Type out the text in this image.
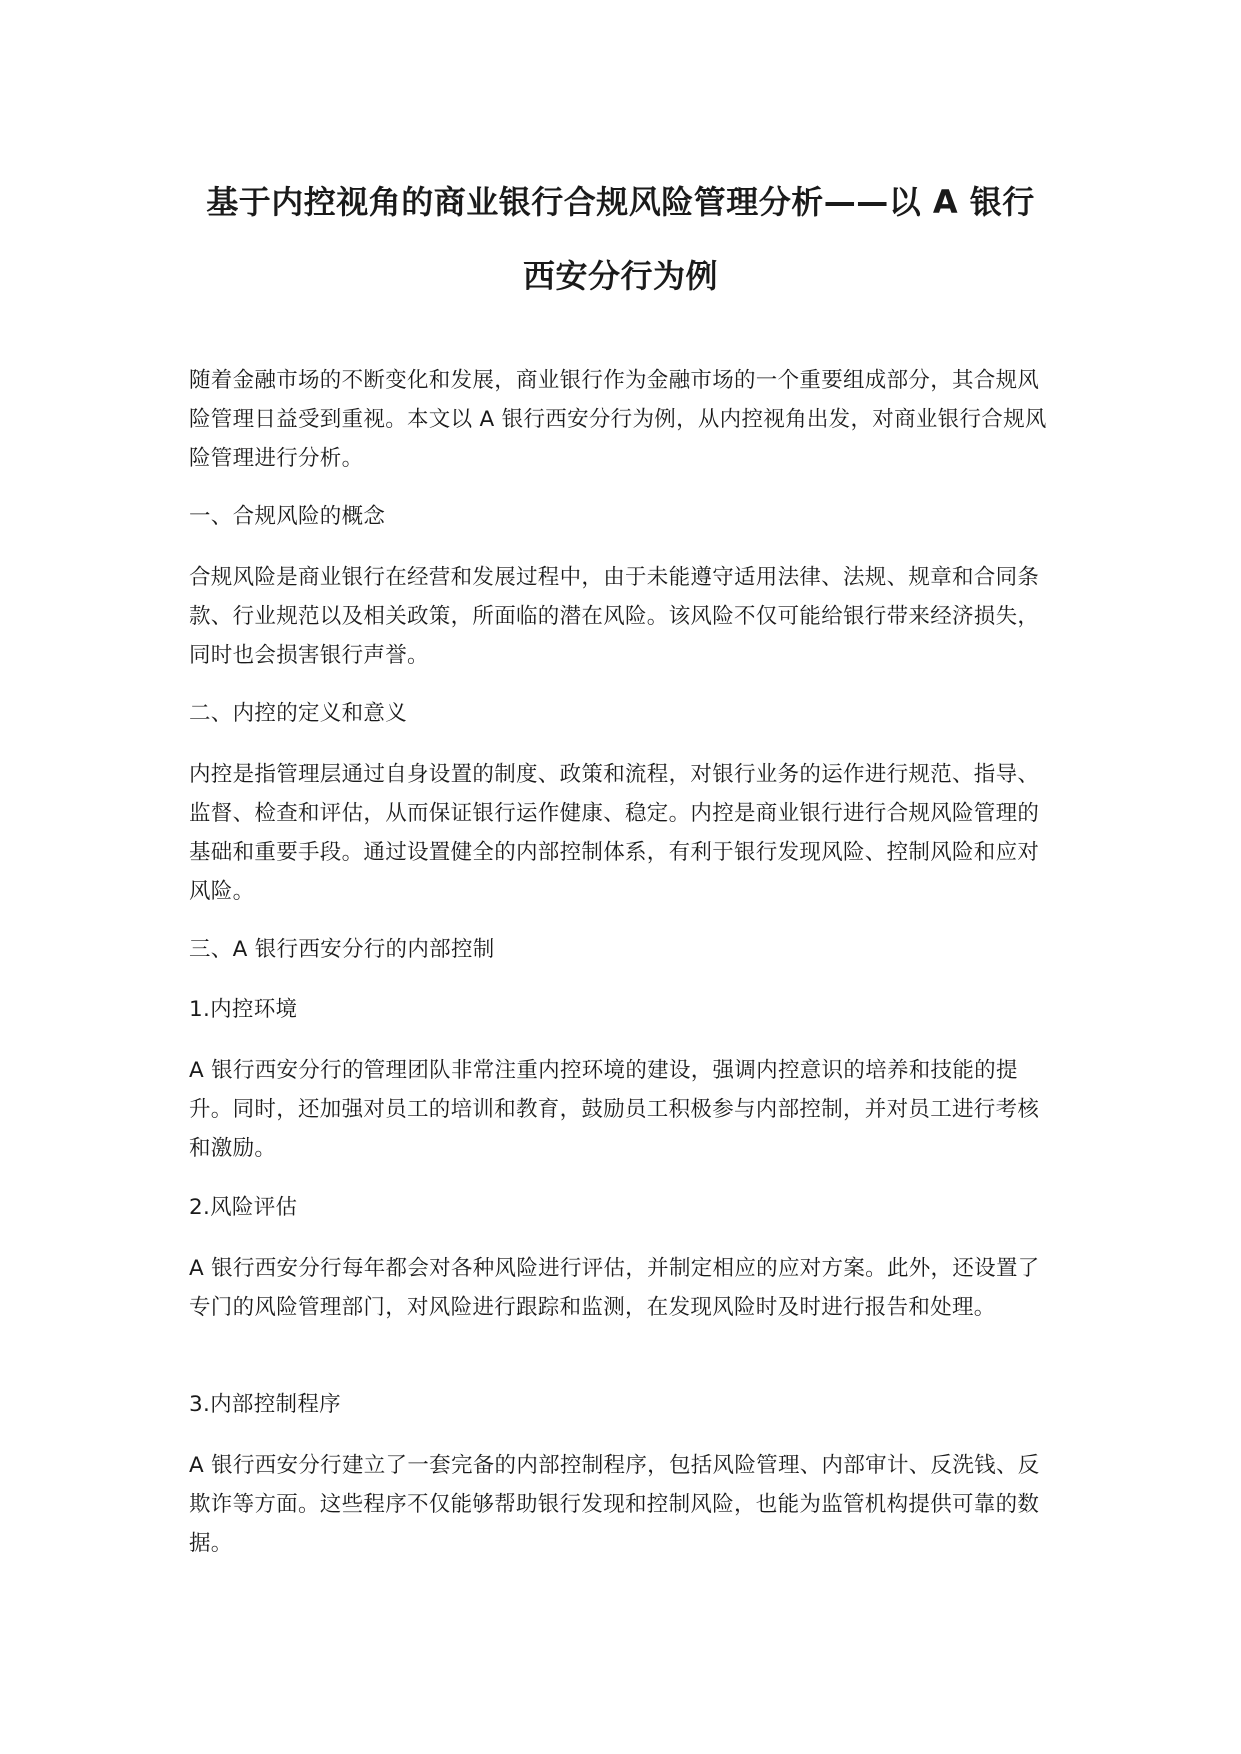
基于内控视角的商业银行合规风险管理分析——以 A 银行
西安分行为例

随着金融市场的不断变化和发展，商业银行作为金融市场的一个重要组成部分，其合规风险管理日益受到重视。本文以 A 银行西安分行为例，从内控视角出发，对商业银行合规风险管理进行分析。

一、合规风险的概念

合规风险是商业银行在经营和发展过程中，由于未能遵守适用法律、法规、规章和合同条款、行业规范以及相关政策，所面临的潜在风险。该风险不仅可能给银行带来经济损失，同时也会损害银行声誉。

二、内控的定义和意义

内控是指管理层通过自身设置的制度、政策和流程，对银行业务的运作进行规范、指导、监督、检查和评估，从而保证银行运作健康、稳定。内控是商业银行进行合规风险管理的基础和重要手段。通过设置健全的内部控制体系，有利于银行发现风险、控制风险和应对风险。

三、A 银行西安分行的内部控制

1.内控环境

A 银行西安分行的管理团队非常注重内控环境的建设，强调内控意识的培养和技能的提升。同时，还加强对员工的培训和教育，鼓励员工积极参与内部控制，并对员工进行考核和激励。

2.风险评估

A 银行西安分行每年都会对各种风险进行评估，并制定相应的应对方案。此外，还设置了专门的风险管理部门，对风险进行跟踪和监测，在发现风险时及时进行报告和处理。

3.内部控制程序

A 银行西安分行建立了一套完备的内部控制程序，包括风险管理、内部审计、反洗钱、反欺诈等方面。这些程序不仅能够帮助银行发现和控制风险，也能为监管机构提供可靠的数据。
